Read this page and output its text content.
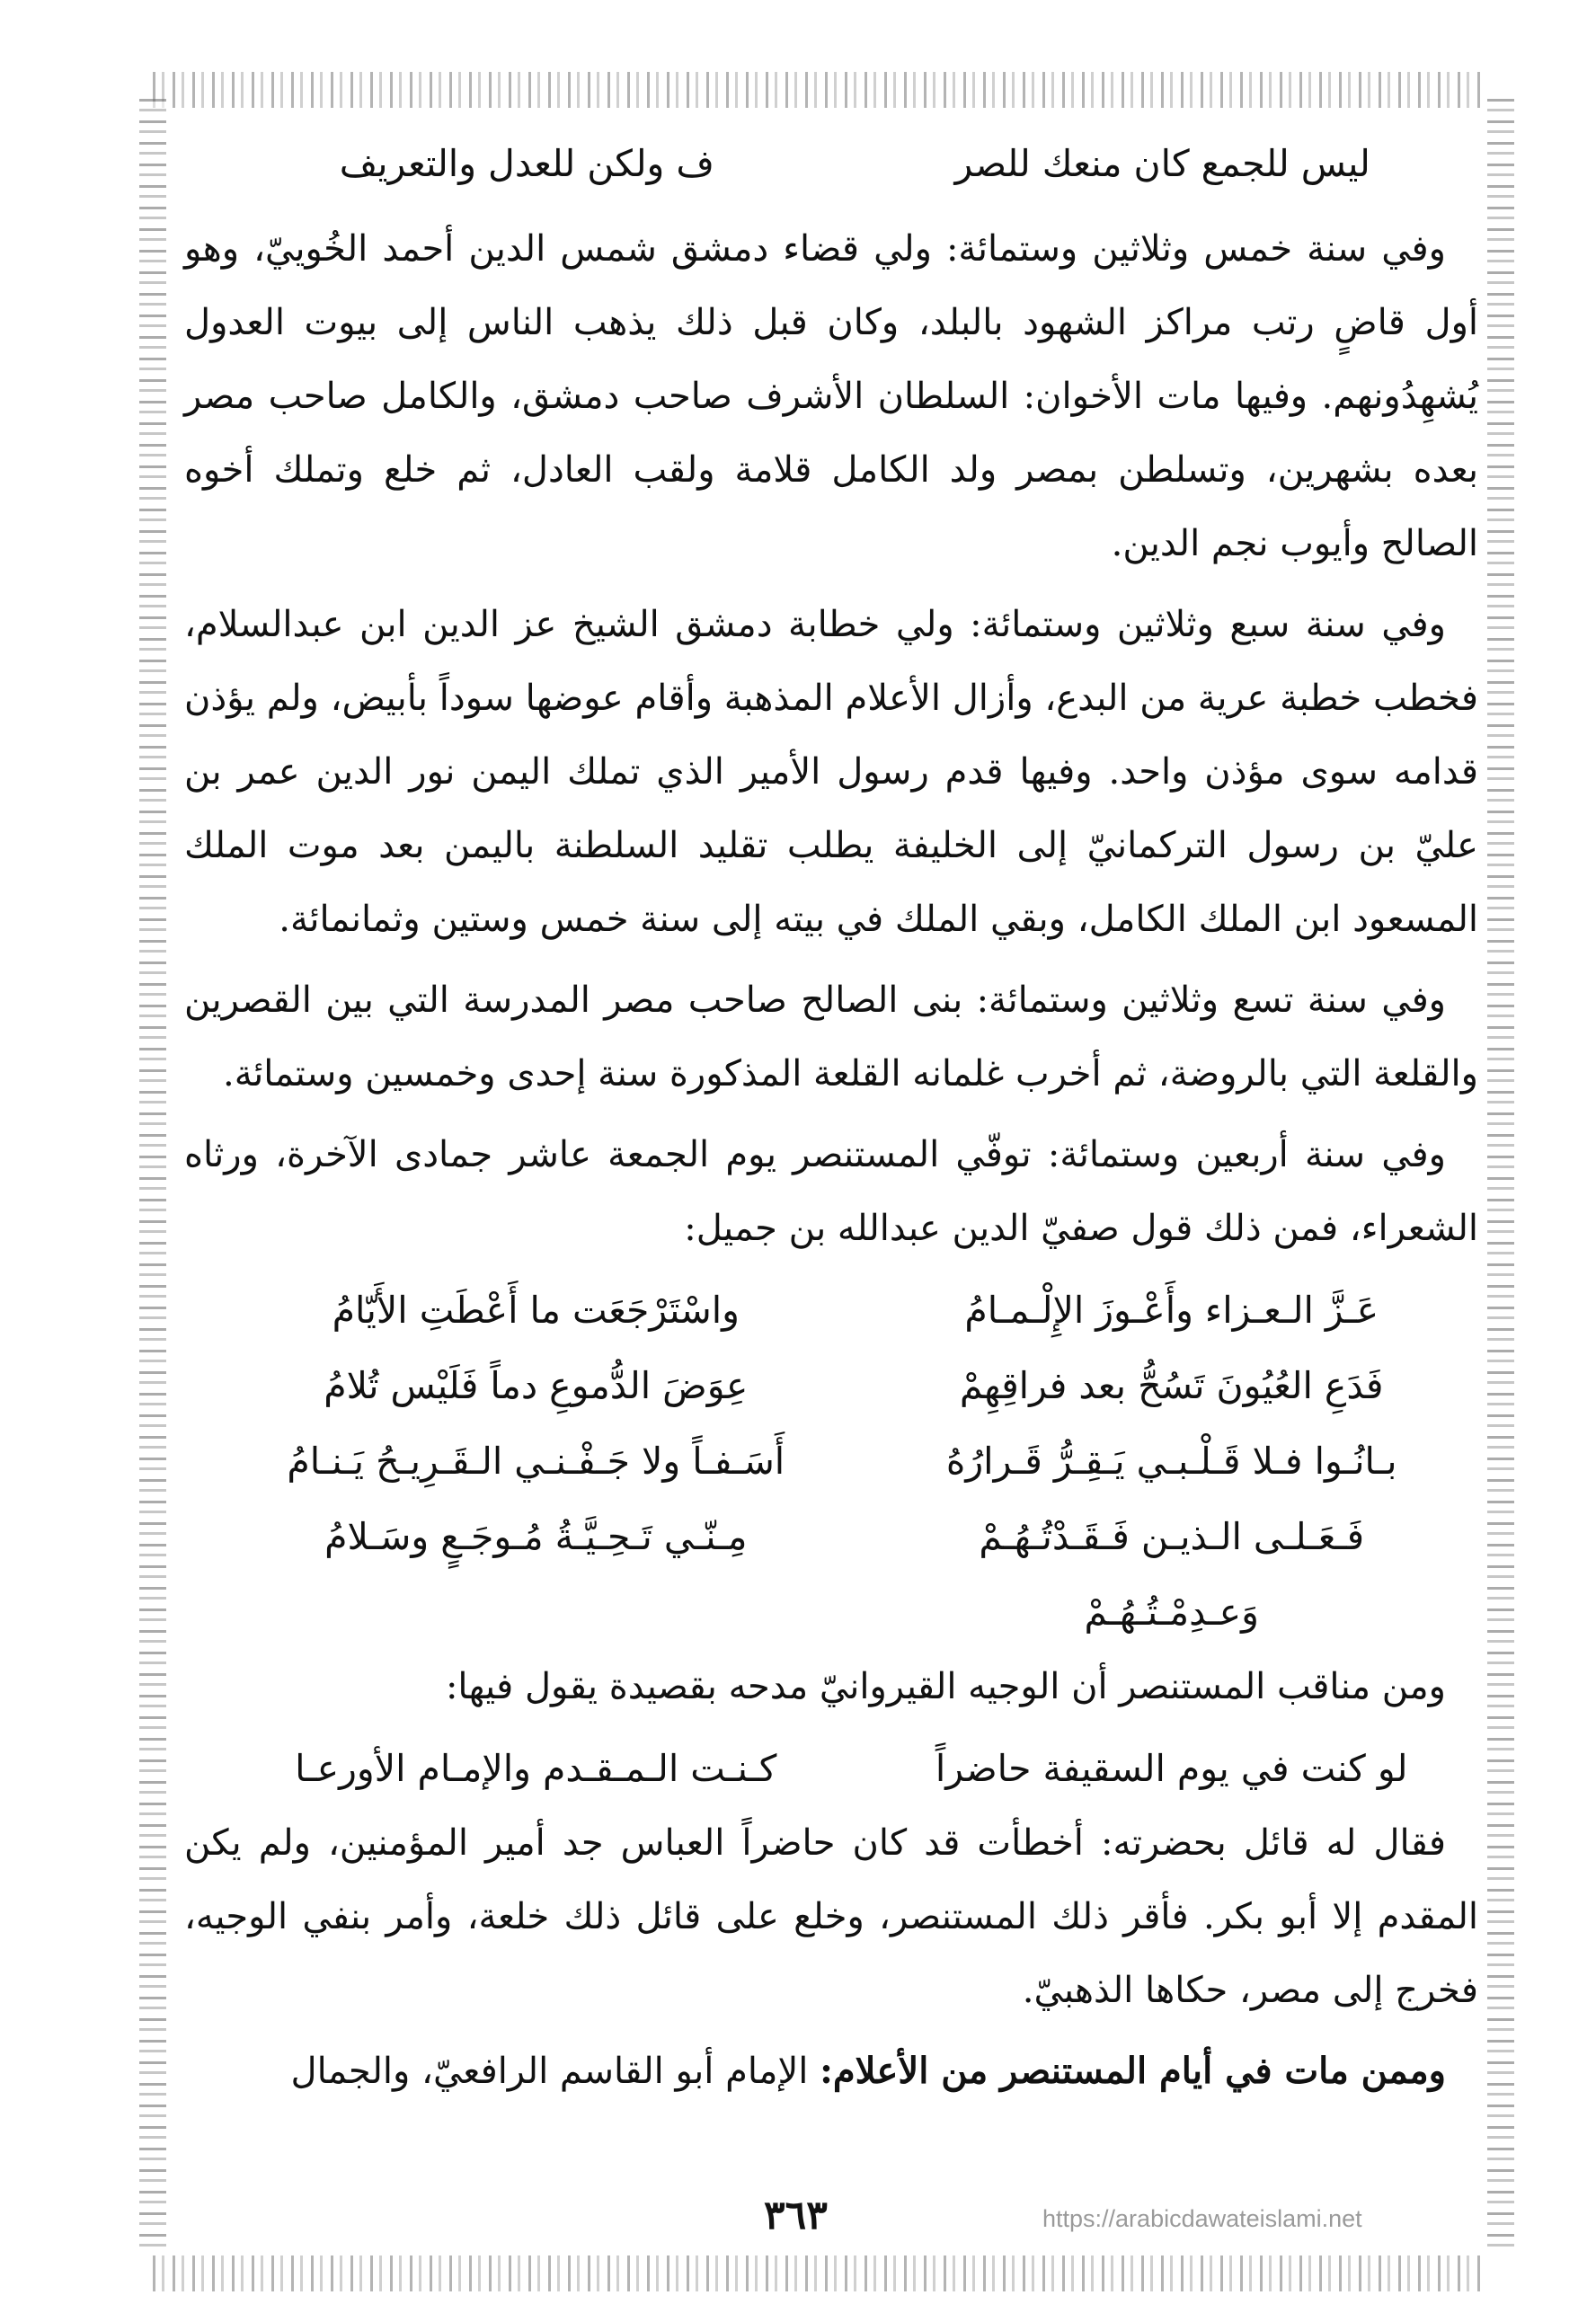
ليس للجمع كان منعك للصر
ف ولكن للعدل والتعريف

وفي سنة خمس وثلاثين وستمائة: ولي قضاء دمشق شمس الدين أحمد الخُوييّ، وهو أول قاضٍ رتب مراكز الشهود بالبلد، وكان قبل ذلك يذهب الناس إلى بيوت العدول يُشهِدُونهم. وفيها مات الأخوان: السلطان الأشرف صاحب دمشق، والكامل صاحب مصر بعده بشهرين، وتسلطن بمصر ولد الكامل قلامة ولقب العادل، ثم خلع وتملك أخوه الصالح وأيوب نجم الدين.

وفي سنة سبع وثلاثين وستمائة: ولي خطابة دمشق الشيخ عز الدين ابن عبدالسلام، فخطب خطبة عرية من البدع، وأزال الأعلام المذهبة وأقام عوضها سوداً بأبيض، ولم يؤذن قدامه سوى مؤذن واحد. وفيها قدم رسول الأمير الذي تملك اليمن نور الدين عمر بن عليّ بن رسول التركمانيّ إلى الخليفة يطلب تقليد السلطنة باليمن بعد موت الملك المسعود ابن الملك الكامل، وبقي الملك في بيته إلى سنة خمس وستين وثمانمائة.

وفي سنة تسع وثلاثين وستمائة: بنى الصالح صاحب مصر المدرسة التي بين القصرين والقلعة التي بالروضة، ثم أخرب غلمانه القلعة المذكورة سنة إحدى وخمسين وستمائة.

وفي سنة أربعين وستمائة: توفّي المستنصر يوم الجمعة عاشر جمادى الآخرة، ورثاه الشعراء، فمن ذلك قول صفيّ الدين عبدالله بن جميل:

عَـزَّ الـعـزاء وأَعْـوزَ الإِلْـمـامُ
واسْتَرْجَعَت ما أَعْطَتِ الأَيّامُ
فَدَعِ العُيُونَ تَسُحُّ بعد فراقِهِمْ
عِوَضَ الدُّموعِ دماً فَلَيْس تُلامُ
بـانُـوا فـلا قَـلْـبـي يَـقِـرُّ قَـرارُهُ
أَسَـفـاً ولا جَـفْـنـي الـقَـرِيـحُ يَـنـامُ
فَـعَـلـى الـذيـن فَـقَـدْتُـهُـمْ وَعـدِمْـتُـهُـمْ
مِـنّـي تَـحِـيَّـةُ مُـوجَـعٍ وسَـلامُ

ومن مناقب المستنصر أن الوجيه القيروانيّ مدحه بقصيدة يقول فيها:

لو كنت في يوم السقيفة حاضراً
كـنـت الـمـقـدم والإمـام الأورعـا

فقال له قائل بحضرته: أخطأت قد كان حاضراً العباس جد أمير المؤمنين، ولم يكن المقدم إلا أبو بكر. فأقر ذلك المستنصر، وخلع على قائل ذلك خلعة، وأمر بنفي الوجيه، فخرج إلى مصر، حكاها الذهبيّ.

وممن مات في أيام المستنصر من الأعلام: الإمام أبو القاسم الرافعيّ، والجمال

٣٦٣	https://arabicdawateislami.net
